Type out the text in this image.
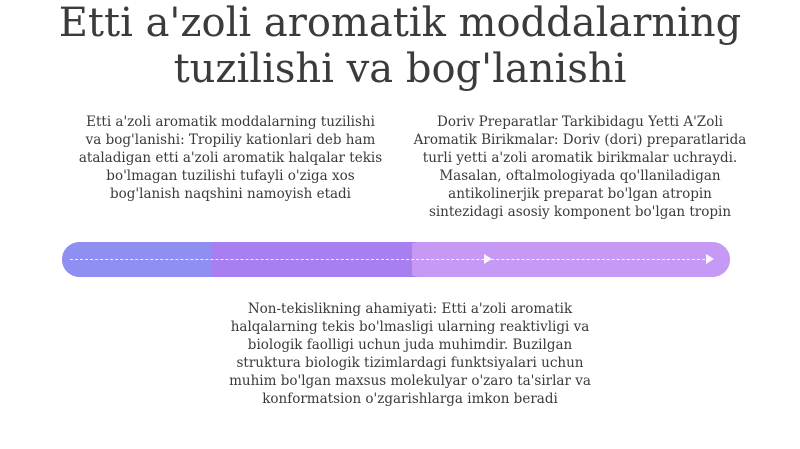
Etti a'zoli aromatik moddalarning tuzilishi va bog'lanishi
Etti a'zoli aromatik moddalarning tuzilishi va bog'lanishi: Tropiliy kationlari deb ham ataladigan etti a'zoli aromatik halqalar tekis bo'lmagan tuzilishi tufayli o'ziga xos bog'lanish naqshini namoyish etadi
Doriv Preparatlar Tarkibidagu Yetti A'Zoli Aromatik Birikmalar: Doriv (dori) preparatlarida turli yetti a'zoli aromatik birikmalar uchraydi. Masalan, oftalmologiyada qo'llaniladigan antikolinerjik preparat bo'lgan atropin sintezidagi asosiy komponent bo'lgan tropin
Non-tekislikning ahamiyati: Etti a'zoli aromatik halqalarning tekis bo'lmasligi ularning reaktivligi va biologik faolligi uchun juda muhimdir. Buzilgan struktura biologik tizimlardagi funktsiyalari uchun muhim bo'lgan maxsus molekulyar o'zaro ta'sirlar va konformatsion o'zgarishlarga imkon beradi
